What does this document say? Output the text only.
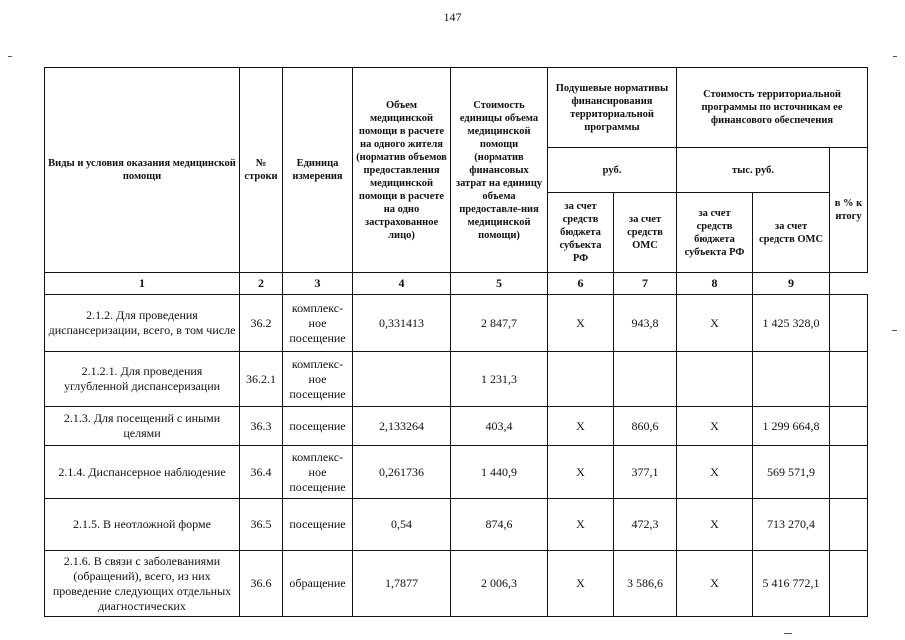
147
Виды и условия оказания медицинской помощи	№ строки	Единица измерения	Объем медицинской помощи в расчете на одного жителя (норматив объемов предоставления медицинской помощи в расчете на одно застрахованное лицо)	Стоимость единицы объема медицинской помощи (норматив финансовых затрат на единицу объема предоставле-ния медицинской помощи)	Подушевые нормативы финансирования территориальной программы		Стоимость территориальной программы по источникам ее финансового обеспечения		
					руб.		тыс. руб.		в % к итогу
					за счет средств бюджета субъекта РФ	за счет средств ОМС	за счет средств бюджета субъекта РФ	за счет средств ОМС	
1	2	3	4	5	6	7	8	9	
2.1.2. Для проведения диспансеризации, всего, в том числе	36.2	комплекс-ное посещение	0,331413	2 847,7	X	943,8	X	1 425 328,0	
2.1.2.1. Для проведения углубленной диспансеризации	36.2.1	комплекс-ное посещение		1 231,3					
2.1.3. Для посещений с иными целями	36.3	посещение	2,133264	403,4	X	860,6	X	1 299 664,8	
2.1.4. Диспансерное наблюдение	36.4	комплекс-ное посещение	0,261736	1 440,9	X	377,1	X	569 571,9	
2.1.5. В неотложной форме	36.5	посещение	0,54	874,6	X	472,3	X	713 270,4	
2.1.6. В связи с заболеваниями (обращений), всего, из них проведение следующих отдельных диагностических	36.6	обращение	1,7877	2 006,3	X	3 586,6	X	5 416 772,1	
